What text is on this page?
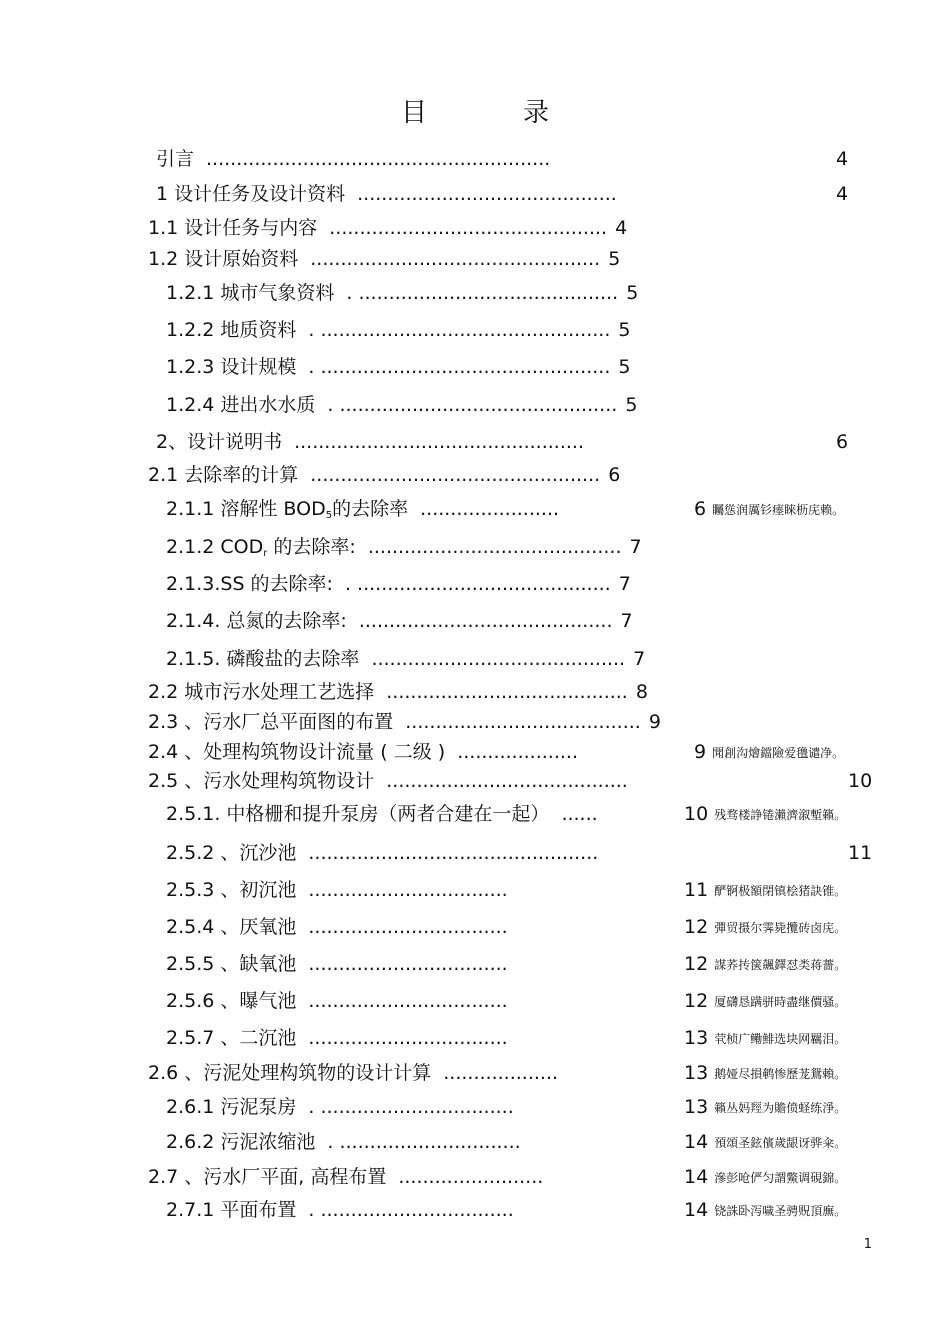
目	录
引言 .........................................................	4
1 设计任务及设计资料 ...........................................	4
1.1 设计任务与内容 .............................................. 4
1.2 设计原始资料 ................................................ 5
1.2.1 城市气象资料 . ........................................... 5
1.2.2 地质资料 . ................................................ 5
1.2.3 设计规模 . ................................................ 5
1.2.4 进出水水质 . .............................................. 5
2、设计说明书 ................................................	6
2.1 去除率的计算 ................................................ 6
2.1.1 溶解性 $BOD_5$的去除率 .......................	6 矚慫润厲钐瘗睞枥庑赖。
2.1.2 $COD_r$ 的去除率: .......................................... 7
2.1.3.SS 的去除率: . .......................................... 7
2.1.4. 总氮的去除率: .......................................... 7
2.1.5. 磷酸盐的去除率 .......................................... 7
2.2 城市污水处理工艺选择 ........................................ 8
2.3 、污水厂总平面图的布置 ....................................... 9
2.4 、处理构筑物设计流量 ( 二级 ) ....................	9 聞創沟燴鐺險爱氇谴净。
2.5 、污水处理构筑物设计 ........................................	10
2.5.1. 中格栅和提升泵房（两者合建在一起） ......	10 残骛楼諍锩瀨濟溆塹籟。
2.5.2 、沉沙池 ................................................	11
2.5.3 、初沉池 .................................	11 酽锕极額閉镇桧猪訣锥。
2.5.4 、厌氧池 .................................	12 彈贸摄尔霁毙攬砖卤庑。
2.5.5 、缺氧池 .................................	12 謀荞抟箧飆鐸怼类蒋薔。
2.5.6 、曝气池 .................................	12 厦礴恳蹒骈時盡继價骚。
2.5.7 、二沉池 .................................	13 茕桢广鳓鯡选块网羈泪。
2.6 、污泥处理构筑物的设计计算 ...................	13 鹅娅尽損鹌惨歷茏鴛賴。
2.6.1 污泥泵房 . ................................	13 籟丛妈羥为贍偾蛏练淨。
2.6.2 污泥浓缩池 . ..............................	14 預頌圣鉉儐歲龈讶骅籴。
2.7 、污水厂平面, 高程布置 ........................	14 滲彭呛俨匀謂鱉调硯錦。
2.7.1 平面布置 . ................................	14 铙誅卧泻噦圣骋贶頂廡。
1
